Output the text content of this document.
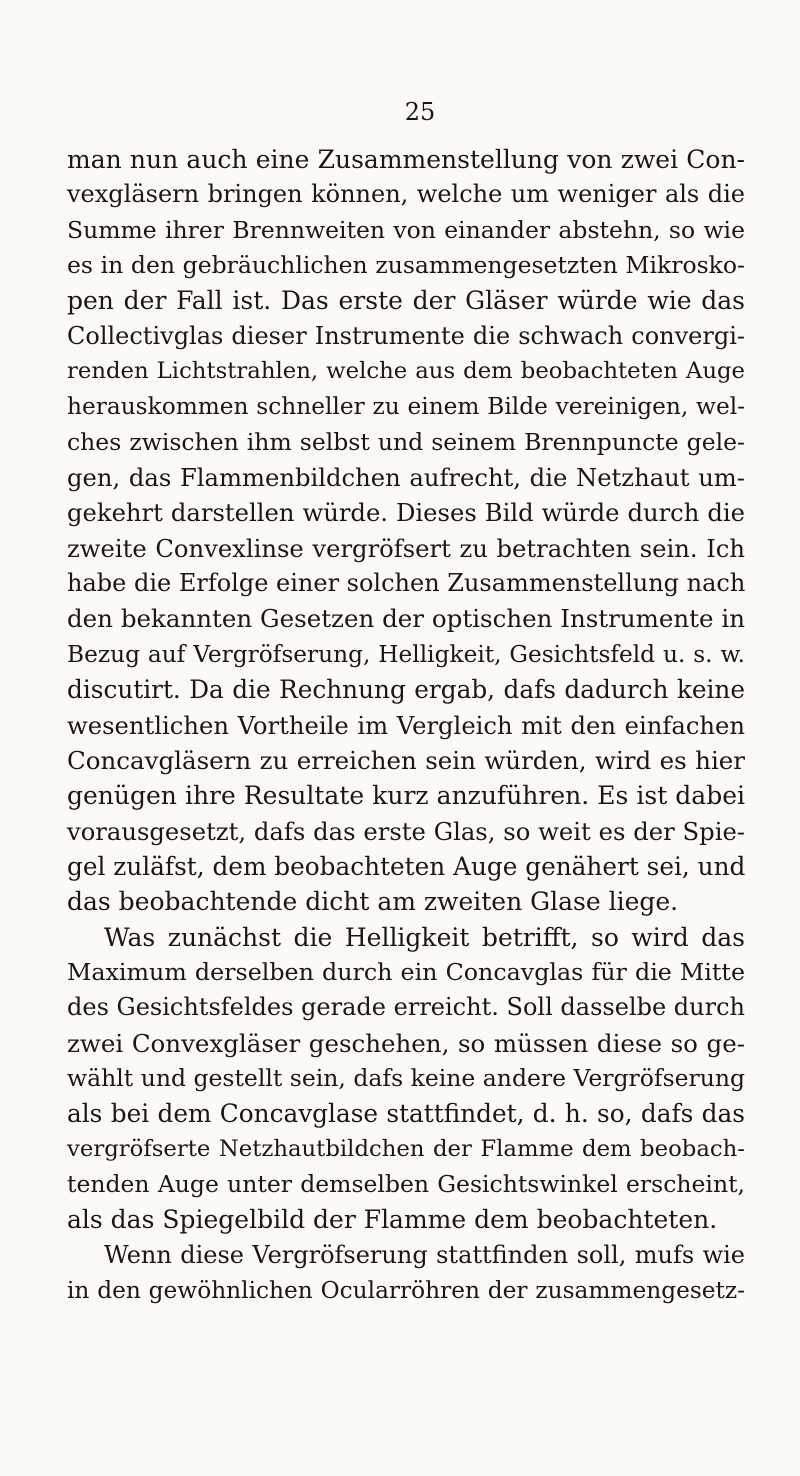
25
man nun auch eine Zusammenstellung von zwei Con-
vexgläsern bringen können, welche um weniger als die
Summe ihrer Brennweiten von einander abstehn, so wie
es in den gebräuchlichen zusammengesetzten Mikrosko-
pen der Fall ist. Das erste der Gläser würde wie das
Collectivglas dieser Instrumente die schwach convergi-
renden Lichtstrahlen, welche aus dem beobachteten Auge
herauskommen schneller zu einem Bilde vereinigen, wel-
ches zwischen ihm selbst und seinem Brennpuncte gele-
gen, das Flammenbildchen aufrecht, die Netzhaut um-
gekehrt darstellen würde. Dieses Bild würde durch die
zweite Convexlinse vergröfsert zu betrachten sein. Ich
habe die Erfolge einer solchen Zusammenstellung nach
den bekannten Gesetzen der optischen Instrumente in
Bezug auf Vergröfserung, Helligkeit, Gesichtsfeld u. s. w.
discutirt. Da die Rechnung ergab, dafs dadurch keine
wesentlichen Vortheile im Vergleich mit den einfachen
Concavgläsern zu erreichen sein würden, wird es hier
genügen ihre Resultate kurz anzuführen. Es ist dabei
vorausgesetzt, dafs das erste Glas, so weit es der Spie-
gel zuläfst, dem beobachteten Auge genähert sei, und
das beobachtende dicht am zweiten Glase liege.
Was zunächst die Helligkeit betrifft, so wird das
Maximum derselben durch ein Concavglas für die Mitte
des Gesichtsfeldes gerade erreicht. Soll dasselbe durch
zwei Convexgläser geschehen, so müssen diese so ge-
wählt und gestellt sein, dafs keine andere Vergröfserung
als bei dem Concavglase stattfindet, d. h. so, dafs das
vergröfserte Netzhautbildchen der Flamme dem beobach-
tenden Auge unter demselben Gesichtswinkel erscheint,
als das Spiegelbild der Flamme dem beobachteten.
Wenn diese Vergröfserung stattfinden soll, mufs wie
in den gewöhnlichen Ocularröhren der zusammengesetz-
